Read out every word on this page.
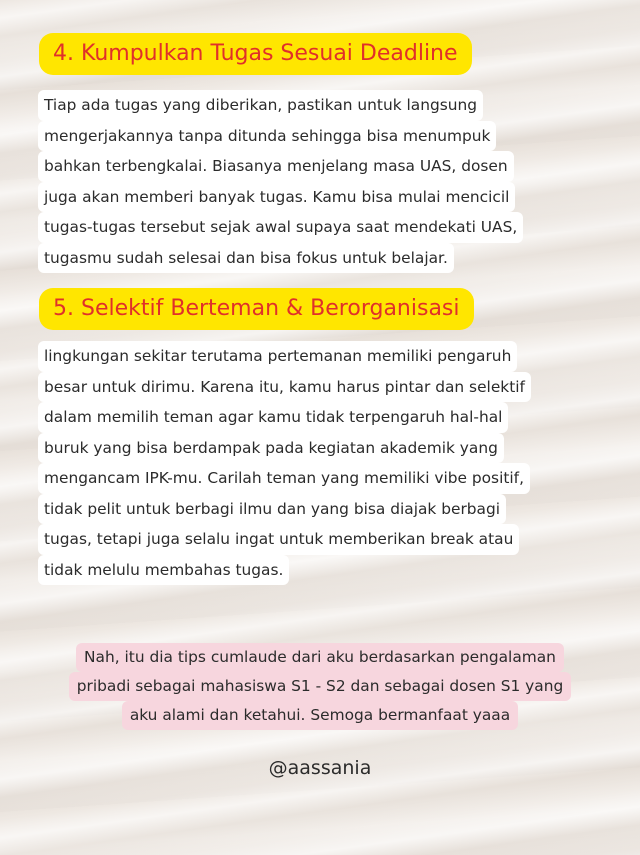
4. Kumpulkan Tugas Sesuai Deadline
Tiap ada tugas yang diberikan, pastikan untuk langsung
mengerjakannya tanpa ditunda sehingga bisa menumpuk
bahkan terbengkalai. Biasanya menjelang masa UAS, dosen
juga akan memberi banyak tugas. Kamu bisa mulai mencicil
tugas-tugas tersebut sejak awal supaya saat mendekati UAS,
tugasmu sudah selesai dan bisa fokus untuk belajar.
5. Selektif Berteman & Berorganisasi
lingkungan sekitar terutama pertemanan memiliki pengaruh
besar untuk dirimu. Karena itu, kamu harus pintar dan selektif
dalam memilih teman agar kamu tidak terpengaruh hal-hal
buruk yang bisa berdampak pada kegiatan akademik yang
mengancam IPK-mu. Carilah teman yang memiliki vibe positif,
tidak pelit untuk berbagi ilmu dan yang bisa diajak berbagi
tugas, tetapi juga selalu ingat untuk memberikan break atau
tidak melulu membahas tugas.
Nah, itu dia tips cumlaude dari aku berdasarkan pengalaman
pribadi sebagai mahasiswa S1 - S2 dan sebagai dosen S1 yang
aku alami dan ketahui. Semoga bermanfaat yaaa
@aassania
